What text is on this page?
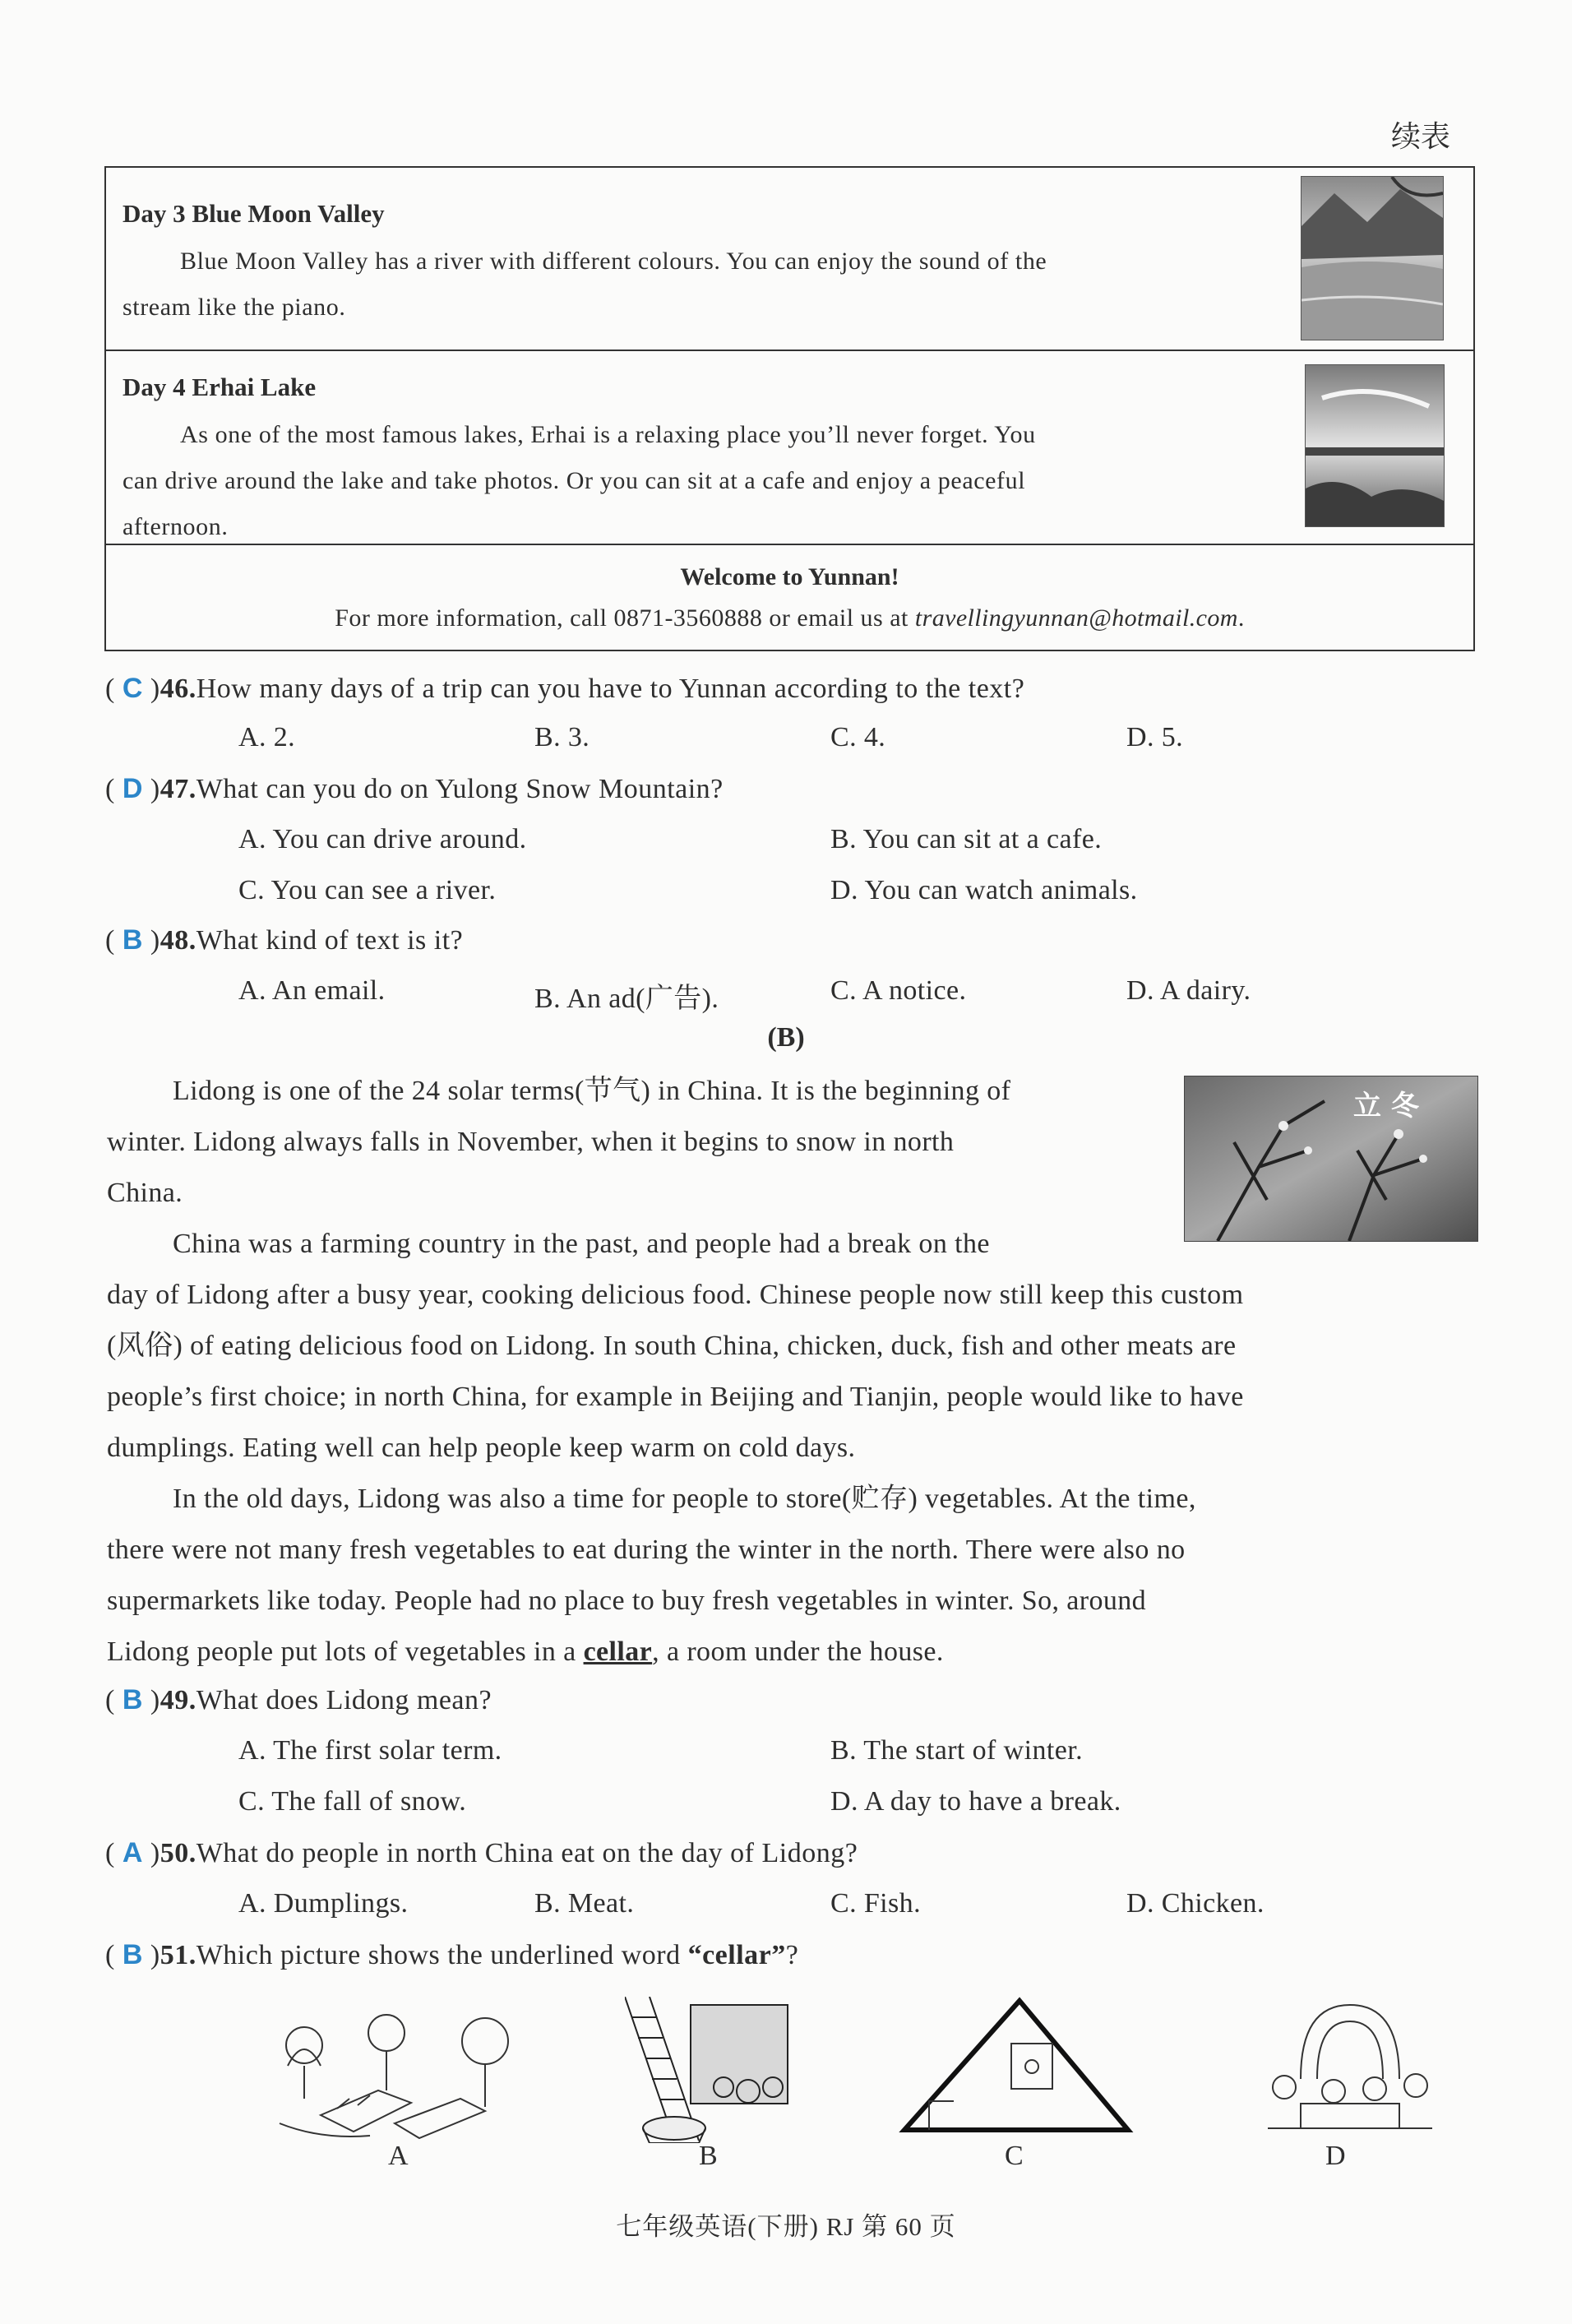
续表
Day 3 Blue Moon Valley
Blue Moon Valley has a river with different colours. You can enjoy the sound of the
stream like the piano.
Day 4 Erhai Lake
As one of the most famous lakes, Erhai is a relaxing place you’ll never forget. You
can drive around the lake and take photos. Or you can sit at a cafe and enjoy a peaceful
afternoon.
Welcome to Yunnan!
For more information, call 0871-3560888 or email us at travellingyunnan@hotmail.com.
( C )46.How many days of a trip can you have to Yunnan according to the text?
A. 2.	B. 3.	C. 4.	D. 5.
( D )47.What can you do on Yulong Snow Mountain?
A. You can drive around.	B. You can sit at a cafe.
C. You can see a river.	D. You can watch animals.
( B )48.What kind of text is it?
A. An email.	B. An ad(广告).	C. A notice.	D. A dairy.
(B)
立 冬
Lidong is one of the 24 solar terms(节气) in China. It is the beginning of
winter. Lidong always falls in November, when it begins to snow in north
China.
China was a farming country in the past, and people had a break on the
day of Lidong after a busy year, cooking delicious food. Chinese people now still keep this custom
(风俗) of eating delicious food on Lidong. In south China, chicken, duck, fish and other meats are
people’s first choice; in north China, for example in Beijing and Tianjin, people would like to have
dumplings. Eating well can help people keep warm on cold days.
In the old days, Lidong was also a time for people to store(贮存) vegetables. At the time,
there were not many fresh vegetables to eat during the winter in the north. There were also no
supermarkets like today. People had no place to buy fresh vegetables in winter. So, around
Lidong people put lots of vegetables in a cellar, a room under the house.
( B )49.What does Lidong mean?
A. The first solar term.	B. The start of winter.
C. The fall of snow.	D. A day to have a break.
( A )50.What do people in north China eat on the day of Lidong?
A. Dumplings.	B. Meat.	C. Fish.	D. Chicken.
( B )51.Which picture shows the underlined word “cellar”?
A	B	C	D
七年级英语(下册) RJ 第 60 页
